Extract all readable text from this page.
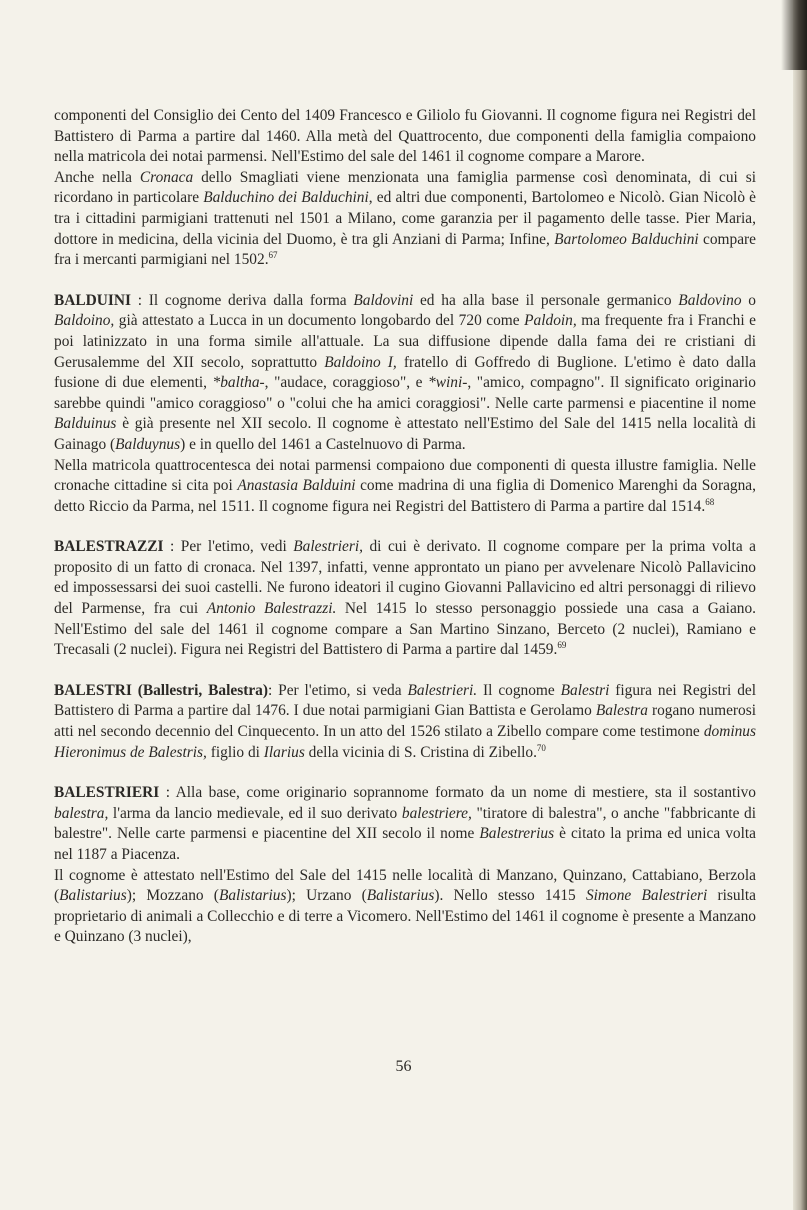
componenti del Consiglio dei Cento del 1409 Francesco e Giliolo fu Giovanni. Il cognome figura nei Registri del Battistero di Parma a partire dal 1460. Alla metà del Quattrocento, due componenti della famiglia compaiono nella matricola dei notai parmensi. Nell'Estimo del sale del 1461 il cognome compare a Marore.

Anche nella Cronaca dello Smagliati viene menzionata una famiglia parmense così denominata, di cui si ricordano in particolare Balduchino dei Balduchini, ed altri due componenti, Bartolomeo e Nicolò. Gian Nicolò è tra i cittadini parmigiani trattenuti nel 1501 a Milano, come garanzia per il pagamento delle tasse. Pier Maria, dottore in medicina, della vicinia del Duomo, è tra gli Anziani di Parma; Infine, Bartolomeo Balduchini compare fra i mercanti parmigiani nel 1502.67

BALDUINI : Il cognome deriva dalla forma Baldovini ed ha alla base il personale germanico Baldovino o Baldoino, già attestato a Lucca in un documento longobardo del 720 come Paldoin, ma frequente fra i Franchi e poi latinizzato in una forma simile all'attuale. La sua diffusione dipende dalla fama dei re cristiani di Gerusalemme del XII secolo, soprattutto Baldoino I, fratello di Goffredo di Buglione. L'etimo è dato dalla fusione di due elementi, *baltha-, "audace, coraggioso", e *wini-, "amico, compagno". Il significato originario sarebbe quindi "amico coraggioso" o "colui che ha amici coraggiosi". Nelle carte parmensi e piacentine il nome Balduinus è già presente nel XII secolo. Il cognome è attestato nell'Estimo del Sale del 1415 nella località di Gainago (Balduynus) e in quello del 1461 a Castelnuovo di Parma.

Nella matricola quattrocentesca dei notai parmensi compaiono due componenti di questa illustre famiglia. Nelle cronache cittadine si cita poi Anastasia Balduini come madrina di una figlia di Domenico Marenghi da Soragna, detto Riccio da Parma, nel 1511. Il cognome figura nei Registri del Battistero di Parma a partire dal 1514.68

BALESTRAZZI : Per l'etimo, vedi Balestrieri, di cui è derivato. Il cognome compare per la prima volta a proposito di un fatto di cronaca. Nel 1397, infatti, venne approntato un piano per avvelenare Nicolò Pallavicino ed impossessarsi dei suoi castelli. Ne furono ideatori il cugino Giovanni Pallavicino ed altri personaggi di rilievo del Parmense, fra cui Antonio Balestrazzi. Nel 1415 lo stesso personaggio possiede una casa a Gaiano. Nell'Estimo del sale del 1461 il cognome compare a San Martino Sinzano, Berceto (2 nuclei), Ramiano e Trecasali (2 nuclei). Figura nei Registri del Battistero di Parma a partire dal 1459.69

BALESTRI (Ballestri, Balestra): Per l'etimo, si veda Balestrieri. Il cognome Balestri figura nei Registri del Battistero di Parma a partire dal 1476. I due notai parmigiani Gian Battista e Gerolamo Balestra rogano numerosi atti nel secondo decennio del Cinquecento. In un atto del 1526 stilato a Zibello compare come testimone dominus Hieronimus de Balestris, figlio di Ilarius della vicinia di S. Cristina di Zibello.$^{70}$

BALESTRIERI : Alla base, come originario soprannome formato da un nome di mestiere, sta il sostantivo balestra, l'arma da lancio medievale, ed il suo derivato balestriere, "tiratore di balestra", o anche "fabbricante di balestre". Nelle carte parmensi e piacentine del XII secolo il nome Balestrerius è citato la prima ed unica volta nel 1187 a Piacenza.

Il cognome è attestato nell'Estimo del Sale del 1415 nelle località di Manzano, Quinzano, Cattabiano, Berzola (Balistarius); Mozzano (Balistarius); Urzano (Balistarius). Nello stesso 1415 Simone Balestrieri risulta proprietario di animali a Collecchio e di terre a Vicomero. Nell'Estimo del 1461 il cognome è presente a Manzano e Quinzano (3 nuclei),

56
